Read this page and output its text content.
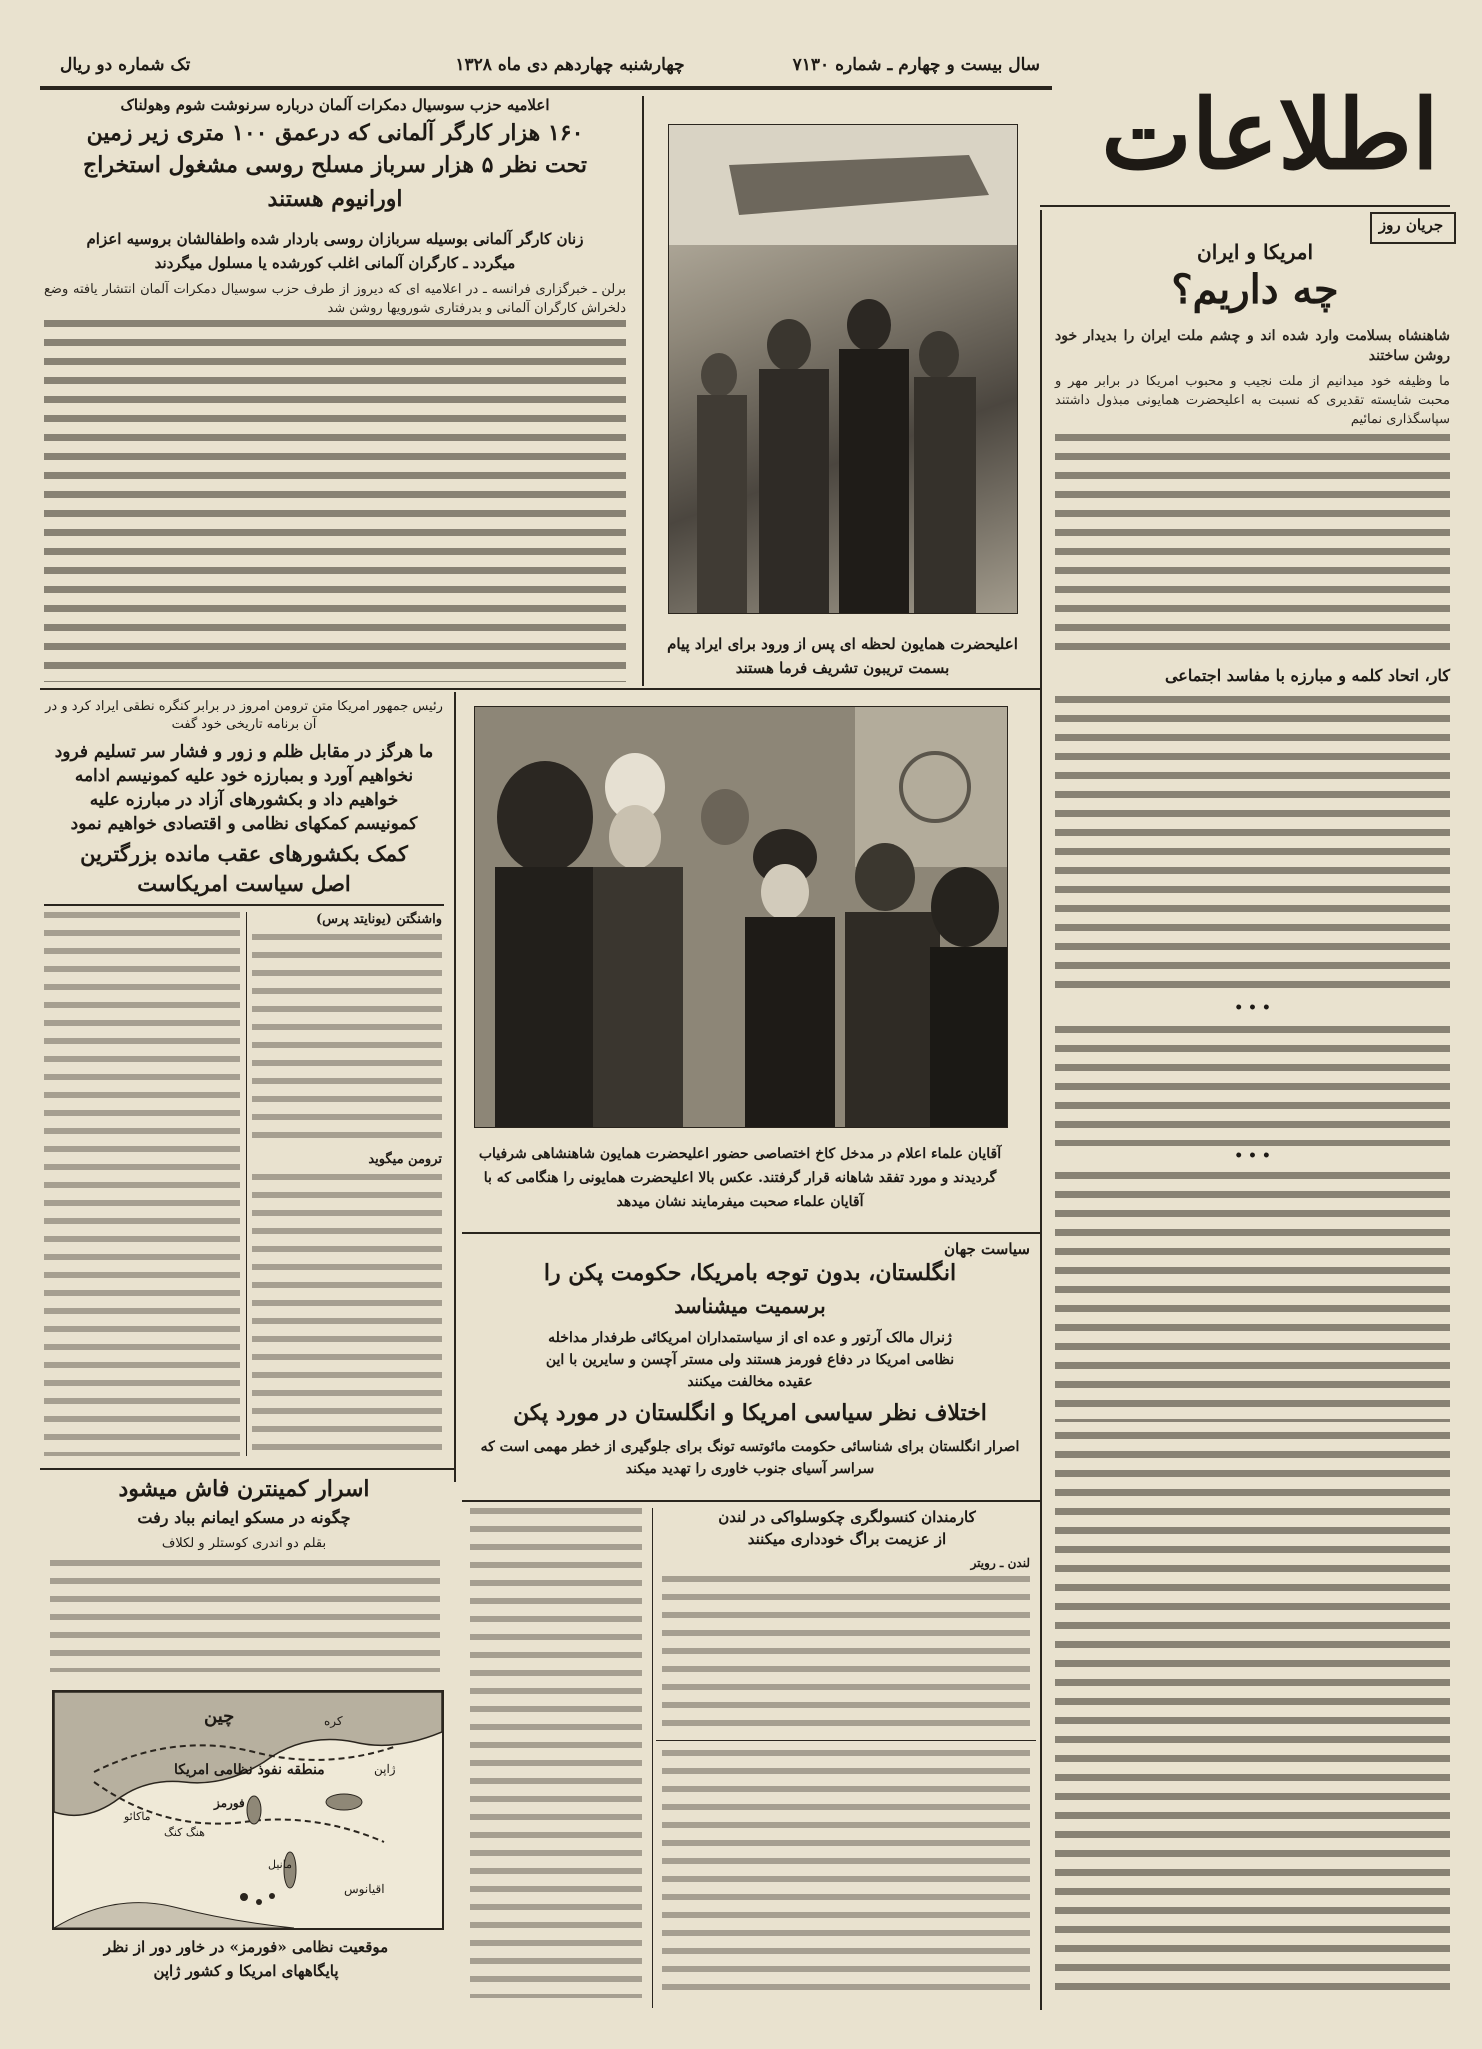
تک شماره دو ریال	چهارشنبه چهاردهم دی ماه ۱۳۲۸	سال بیست و چهارم ـ شماره ۷۱۳۰
اطلاعات
جریان روز
امریکا و ایران
چه داریم؟
شاهنشاه بسلامت وارد شده اند و چشم ملت ایران را بدیدار خود روشن ساختند
ما وظیفه خود میدانیم از ملت نجیب و محبوب امریکا در برابر مهر و محبت شایسته تقدیری که نسبت به اعلیحضرت همایونی مبذول داشتند سپاسگذاری نمائیم
کار، اتحاد کلمه و مبارزه با مفاسد اجتماعی
• • •
• • •
اعلامیه حزب سوسیال دمکرات آلمان درباره سرنوشت شوم وهولناک
۱۶۰ هزار کارگر آلمانی که درعمق ۱۰۰ متری زیر زمین
تحت نظر ۵ هزار سرباز مسلح روسی مشغول استخراج
اورانیوم هستند
زنان کارگر آلمانی بوسیله سربازان روسی باردار شده واطفالشان بروسیه اعزام
میگردد ـ کارگران آلمانی اغلب کورشده یا مسلول میگردند
برلن ـ خبرگزاری فرانسه ـ در اعلامیه ای که دیروز از طرف حزب سوسیال دمکرات آلمان انتشار یافته وضع دلخراش کارگران آلمانی و بدرفتاری شورویها روشن شد
اعلیحضرت همایون لحظه ای پس از ورود برای ایراد پیام بسمت تریبون تشریف فرما هستند
رئیس جمهور امریکا متن ترومن امروز در برابر کنگره نطقی ایراد کرد و در آن برنامه تاریخی خود گفت
ما هرگز در مقابل ظلم و زور و فشار سر تسلیم فرود
نخواهیم آورد و بمبارزه خود علیه کمونیسم ادامه
خواهیم داد و بکشورهای آزاد در مبارزه علیه
کمونیسم کمکهای نظامی و اقتصادی خواهیم نمود
کمک بکشورهای عقب مانده بزرگترین
اصل سیاست امریکاست
واشنگتن (یونایتد پرس)
ترومن میگوید	آقایان علماء اعلام در مدخل کاخ اختصاصی حضور اعلیحضرت همایون شاهنشاهی شرفیاب گردیدند و مورد تفقد شاهانه قرار گرفتند. عکس بالا اعلیحضرت همایونی را هنگامی که با آقایان علماء صحبت میفرمایند نشان میدهد
سیاست جهان
انگلستان، بدون توجه بامریکا، حکومت پکن را
برسمیت میشناسد
ژنرال مالک آرتور و عده ای از سیاستمداران امریکائی طرفدار مداخله
نظامی امریکا در دفاع فورمز هستند ولی مستر آچسن و سایرین با این
عقیده مخالفت میکنند
اختلاف نظر سیاسی امریکا و انگلستان در مورد پکن
اصرار انگلستان برای شناسائی حکومت مائوتسه تونگ برای جلوگیری از خطر مهمی است که سراسر آسیای جنوب خاوری را تهدید میکند
کارمندان کنسولگری چکوسلواکی در لندن
از عزیمت براگ خودداری میکنند
لندن ـ رویتر
اسرار کمینترن فاش میشود
چگونه در مسکو ایمانم بباد رفت
بقلم دو اندری کوستلر و لکلاف
چین	کره
ژاپن
منطقه نفوذ نظامی امریکا
فورمز
ماکائو
هنگ کنگ
مانیل
اقیانوس
موقعیت نظامی «فورمز» در خاور دور از نظر
پایگاههای امریکا و کشور ژاپن
